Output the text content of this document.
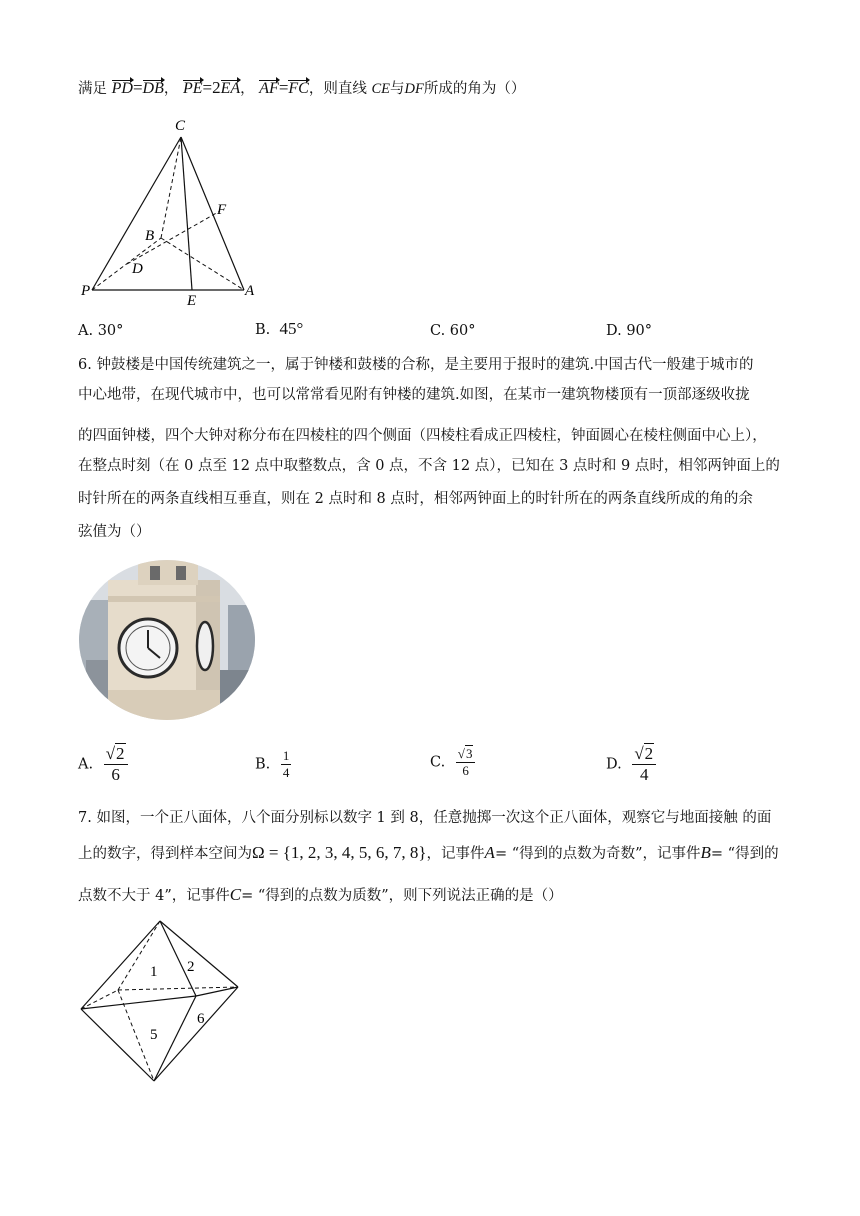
满足 PD=DB， PE=2EA， AF=FC，则直线 CE与DF所成的角为（）
C
F
B
D
P
E
A
A. 30°	B. 45°	C. 60°	D. 90°
6. 钟鼓楼是中国传统建筑之一，属于钟楼和鼓楼的合称，是主要用于报时的建筑.中国古代一般建于城市的
中心地带，在现代城市中，也可以常常看见附有钟楼的建筑.如图，在某市一建筑物楼顶有一顶部逐级收拢
的四面钟楼，四个大钟对称分布在四棱柱的四个侧面（四棱柱看成正四棱柱，钟面圆心在棱柱侧面中心上），
在整点时刻（在 0 点至 12 点中取整数点，含 0 点，不含 12 点），已知在 3 点时和 9 点时，相邻两钟面上的
时针所在的两条直线相互垂直，则在 2 点时和 8 点时，相邻两钟面上的时针所在的两条直线所成的角的余
弦值为（）
A. $\frac{√2}{6}$	B. $\frac{1}{4}$	C. $\frac{√3}{6}$	D. $\frac{√2}{4}$
7. 如图，一个正八面体，八个面分别标以数字 1 到 8，任意抛掷一次这个正八面体，观察它与地面接触 的面
上的数字，得到样本空间为Ω = {1, 2, 3, 4, 5, 6, 7, 8}，记事件A= “得到的点数为奇数”，记事件B= “得到的
点数不大于 4”，记事件C= “得到的点数为质数”，则下列说法正确的是（）
1 2
5
6
